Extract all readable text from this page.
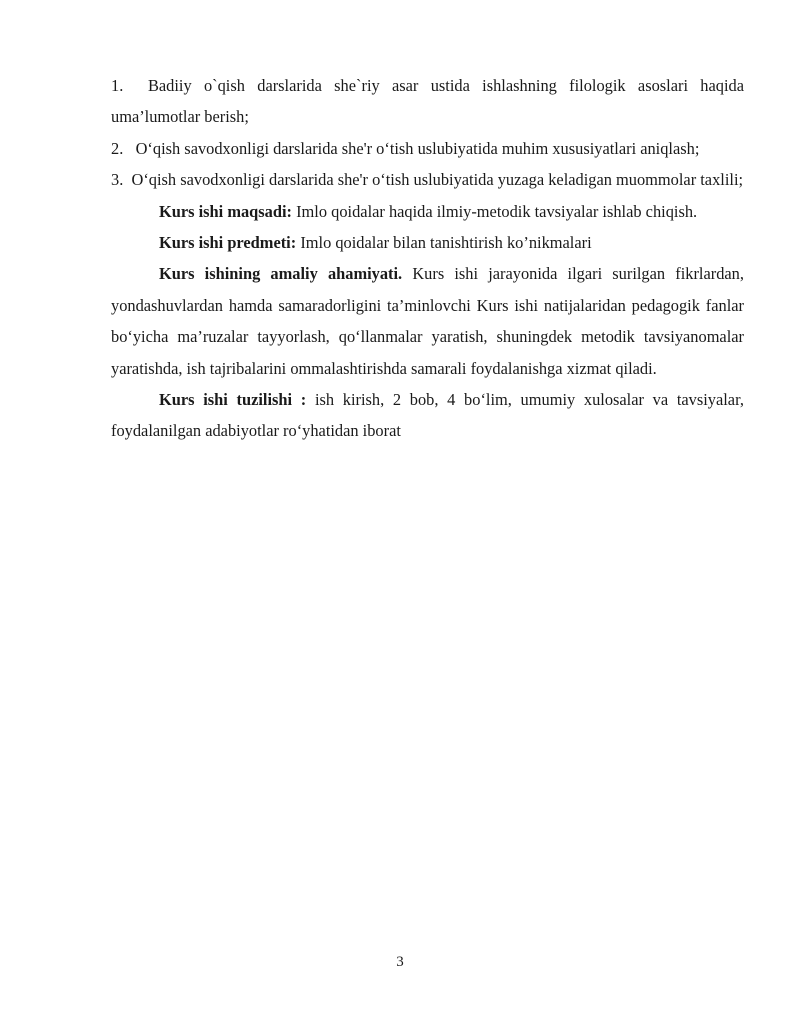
1. Badiiy o`qish darslarida she`riy asar ustida ishlashning filologik asoslari haqida uma’lumotlar berish;

2. O‘qish savodxonligi darslarida she'r o‘tish uslubiyatida muhim xususiyatlari aniqlash;

3. O‘qish savodxonligi darslarida she'r o‘tish uslubiyatida yuzaga keladigan muommolar taxlili;

Kurs ishi maqsadi: Imlo qoidalar haqida ilmiy-metodik tavsiyalar ishlab chiqish.

Kurs ishi predmeti: Imlo qoidalar bilan tanishtirish ko’nikmalari

Kurs ishining amaliy ahamiyati. Kurs ishi jarayonida ilgari surilgan fikrlardan, yondashuvlardan hamda samaradorligini ta’minlovchi Kurs ishi natijalaridan pedagogik fanlar bo‘yicha ma’ruzalar tayyorlash, qo‘llanmalar yaratish, shuningdek metodik tavsiyanomalar yaratishda, ish tajribalarini ommalashtirishda samarali foydalanishga xizmat qiladi.

Kurs ishi tuzilishi : ish kirish, 2 bob, 4 bo‘lim, umumiy xulosalar va tavsiyalar, foydalanilgan adabiyotlar ro‘yhatidan iborat

3
